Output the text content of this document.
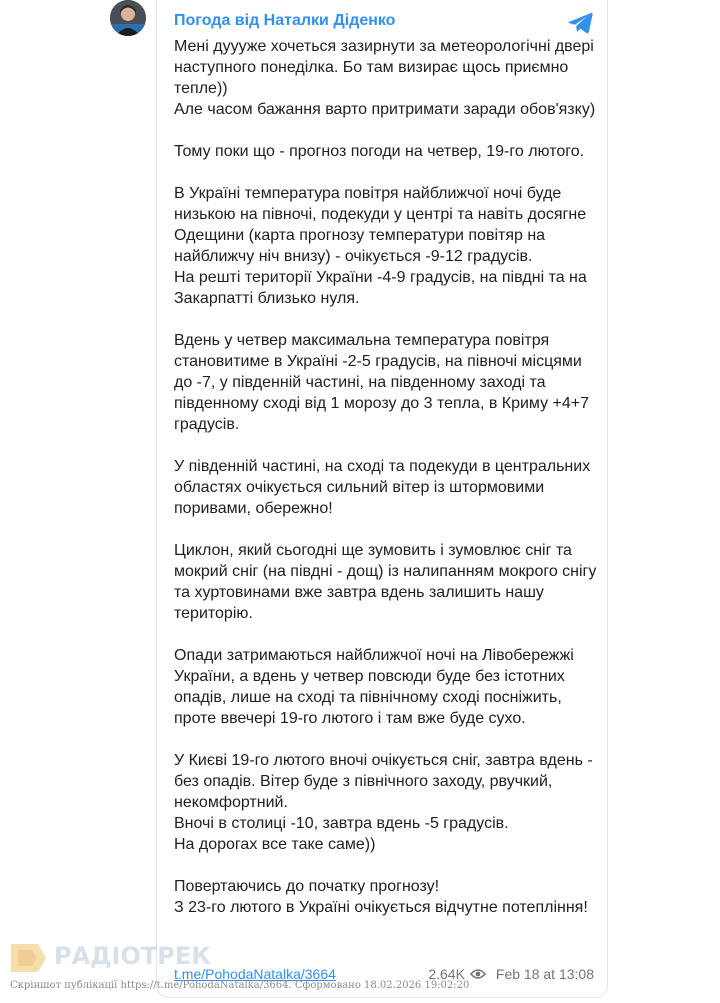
Погода від Наталки Діденко

Мені дуууже хочеться зазирнути за метеорологічні двері наступного понеділка. Бо там визирає щось приємно тепле))
Але часом бажання варто притримати заради обов'язку)

Тому поки що - прогноз погоди на четвер, 19-го лютого.

В Україні температура повітря найближчої ночі буде низькою на півночі, подекуди у центрі та навіть досягне Одещини (карта прогнозу температури повітяр на найближчу ніч внизу) - очікується -9-12 градусів.
На решті території України -4-9 градусів, на півдні та на Закарпатті близько нуля.

Вдень у четвер максимальна температура повітря становитиме в Україні -2-5 градусів, на півночі місцями до -7, у південній частині, на південному заході та південному сході від 1 морозу до 3 тепла, в Криму +4+7 градусів.

У південній частині, на сході та подекуди в центральних областях очікується сильний вітер із штормовими поривами, обережно!

Циклон, який сьогодні ще зумовить і зумовлює сніг та мокрий сніг (на півдні - дощ) із налипанням мокрого снігу та хуртовинами вже завтра вдень залишить нашу територію.

Опади затримаються найближчої ночі на Лівобережжі України, а вдень у четвер повсюди буде без істотних опадів, лише на сході та північному сході посніжить, проте ввечері 19-го лютого і там вже буде сухо.

У Києві 19-го лютого вночі очікується сніг, завтра вдень - без опадів. Вітер буде з північного заходу, рвучкий, некомфортний.
Вночі в столиці -10, завтра вдень -5 градусів.
На дорогах все таке саме))

Повертаючись до початку прогнозу!
З 23-го лютого в Україні очікується відчутне потепління!

t.me/PohodaNatalka/3664	2.64K Feb 18 at 13:08
РАДІОТРЕК
Скріншот публікації https://t.me/PohodaNatalka/3664. Сформовано 18.02.2026 19:02:20
